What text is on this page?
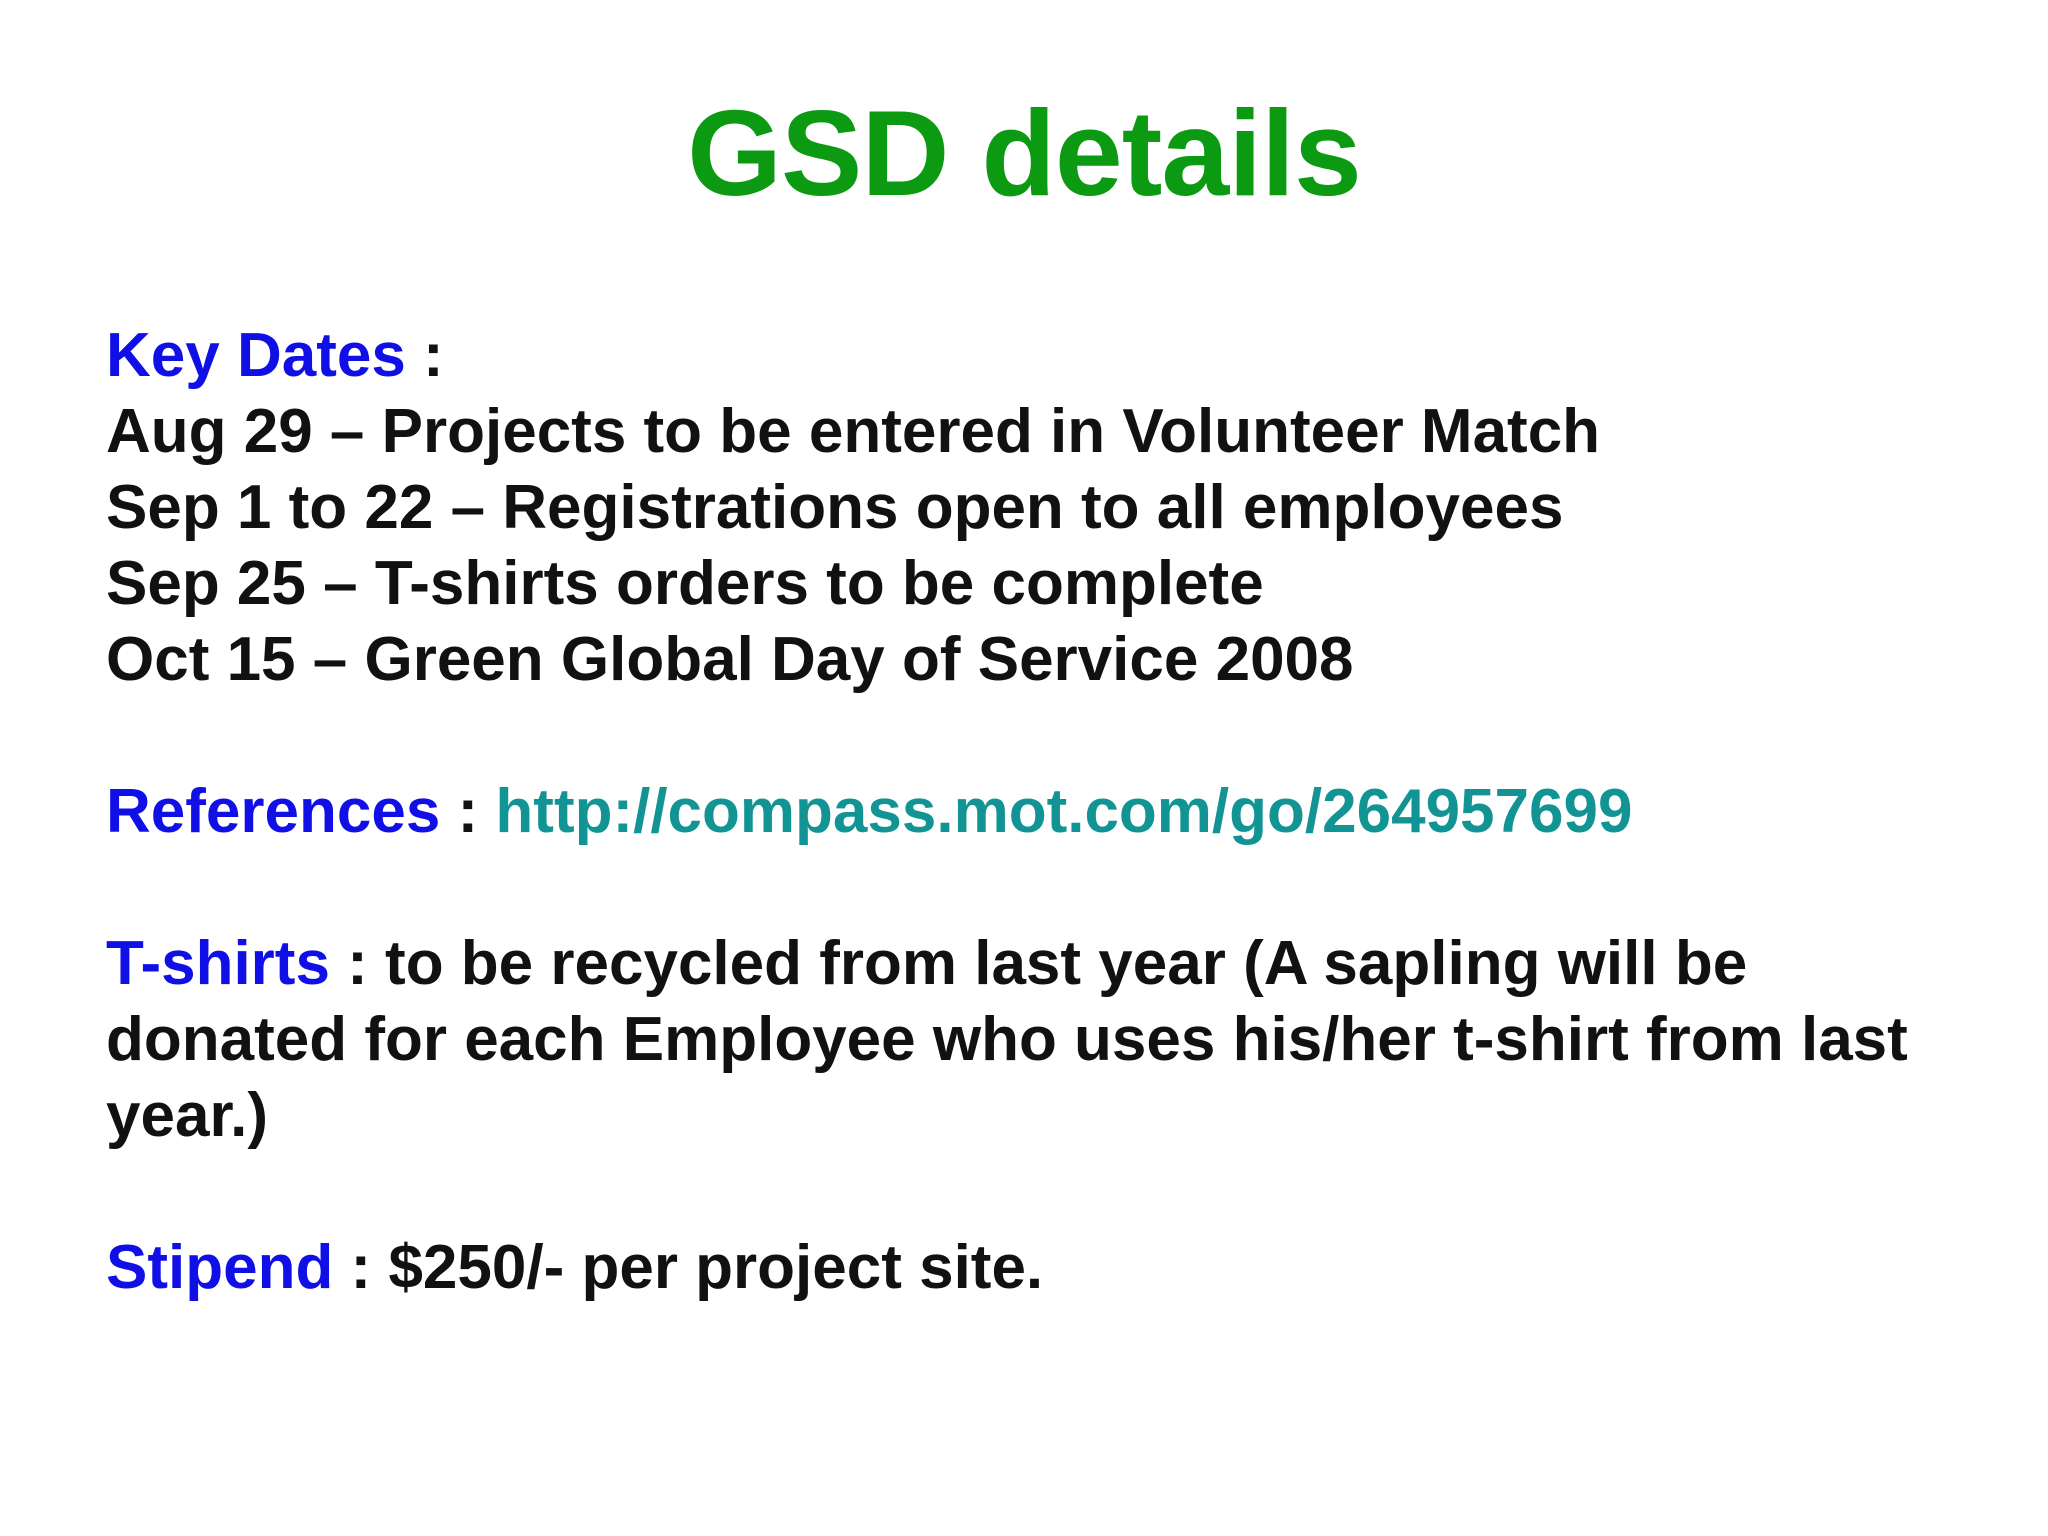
GSD details
Key Dates :
Aug 29 – Projects to be entered in Volunteer Match
Sep 1 to 22 – Registrations open to all employees
Sep 25 – T-shirts orders to be complete
Oct 15 – Green Global Day of Service 2008
References : http://compass.mot.com/go/264957699
T-shirts : to be recycled from last year (A sapling will be donated for each Employee who uses his/her t-shirt from last year.)
Stipend : $250/- per project site.
